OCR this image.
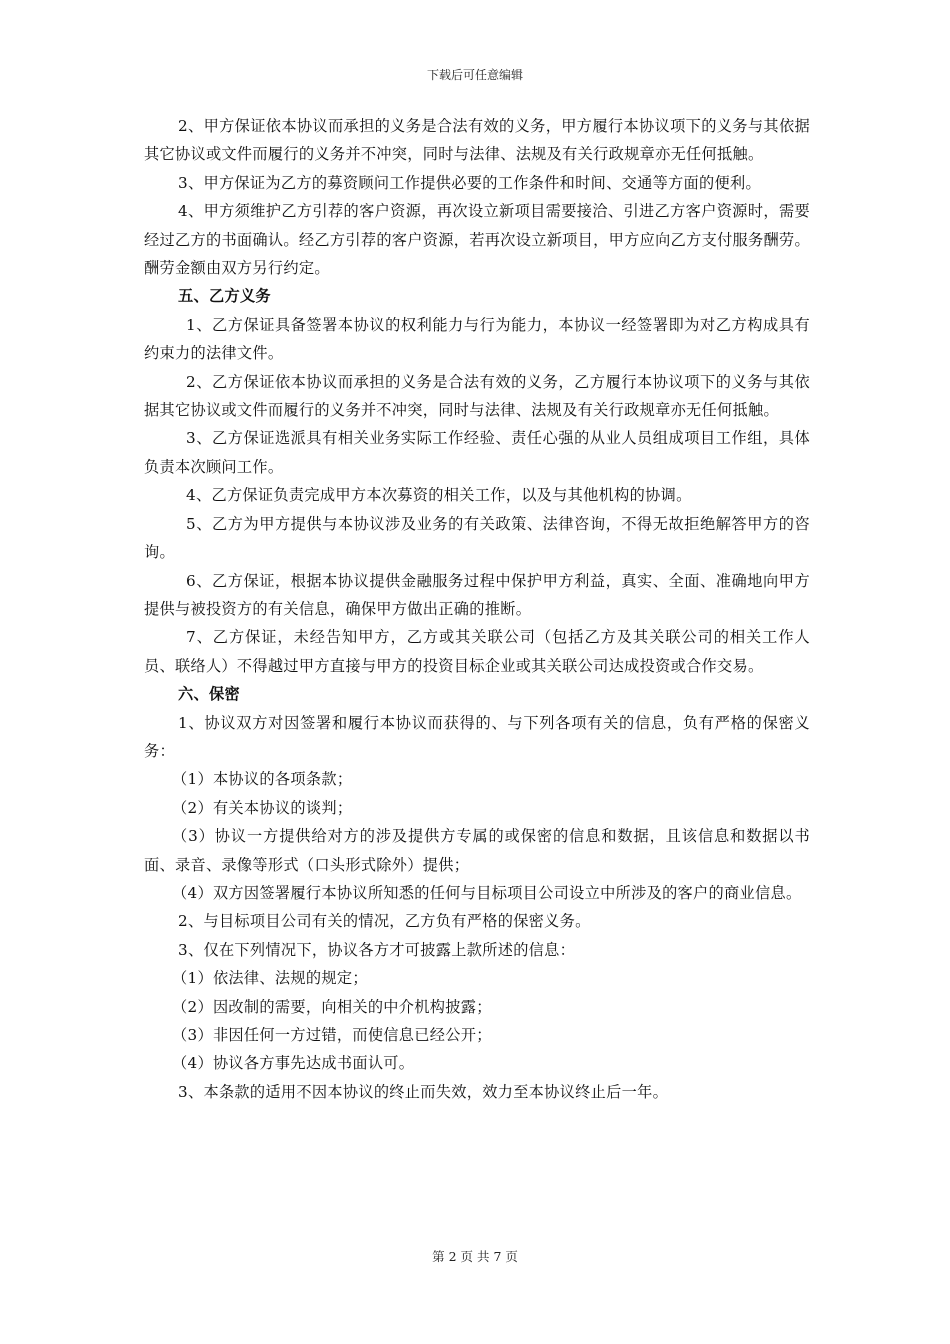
下载后可任意编辑

2、甲方保证依本协议而承担的义务是合法有效的义务，甲方履行本协议项下的义务与其依据其它协议或文件而履行的义务并不冲突，同时与法律、法规及有关行政规章亦无任何抵触。

3、甲方保证为乙方的募资顾问工作提供必要的工作条件和时间、交通等方面的便利。

4、甲方须维护乙方引荐的客户资源，再次设立新项目需要接洽、引进乙方客户资源时，需要经过乙方的书面确认。经乙方引荐的客户资源，若再次设立新项目，甲方应向乙方支付服务酬劳。酬劳金额由双方另行约定。

五、乙方义务

1、乙方保证具备签署本协议的权利能力与行为能力，本协议一经签署即为对乙方构成具有约束力的法律文件。

2、乙方保证依本协议而承担的义务是合法有效的义务，乙方履行本协议项下的义务与其依据其它协议或文件而履行的义务并不冲突，同时与法律、法规及有关行政规章亦无任何抵触。

3、乙方保证选派具有相关业务实际工作经验、责任心强的从业人员组成项目工作组，具体负责本次顾问工作。

4、乙方保证负责完成甲方本次募资的相关工作，以及与其他机构的协调。

5、乙方为甲方提供与本协议涉及业务的有关政策、法律咨询，不得无故拒绝解答甲方的咨询。

6、乙方保证，根据本协议提供金融服务过程中保护甲方利益，真实、全面、准确地向甲方提供与被投资方的有关信息，确保甲方做出正确的推断。

7、乙方保证，未经告知甲方，乙方或其关联公司（包括乙方及其关联公司的相关工作人员、联络人）不得越过甲方直接与甲方的投资目标企业或其关联公司达成投资或合作交易。

六、保密

1、协议双方对因签署和履行本协议而获得的、与下列各项有关的信息，负有严格的保密义务：

（1）本协议的各项条款；

（2）有关本协议的谈判；

（3）协议一方提供给对方的涉及提供方专属的或保密的信息和数据，且该信息和数据以书面、录音、录像等形式（口头形式除外）提供；

（4）双方因签署履行本协议所知悉的任何与目标项目公司设立中所涉及的客户的商业信息。

2、与目标项目公司有关的情况，乙方负有严格的保密义务。

3、仅在下列情况下，协议各方才可披露上款所述的信息：

（1）依法律、法规的规定；

（2）因改制的需要，向相关的中介机构披露；

（3）非因任何一方过错，而使信息已经公开；

（4）协议各方事先达成书面认可。

3、本条款的适用不因本协议的终止而失效，效力至本协议终止后一年。

第 2 页 共 7 页
